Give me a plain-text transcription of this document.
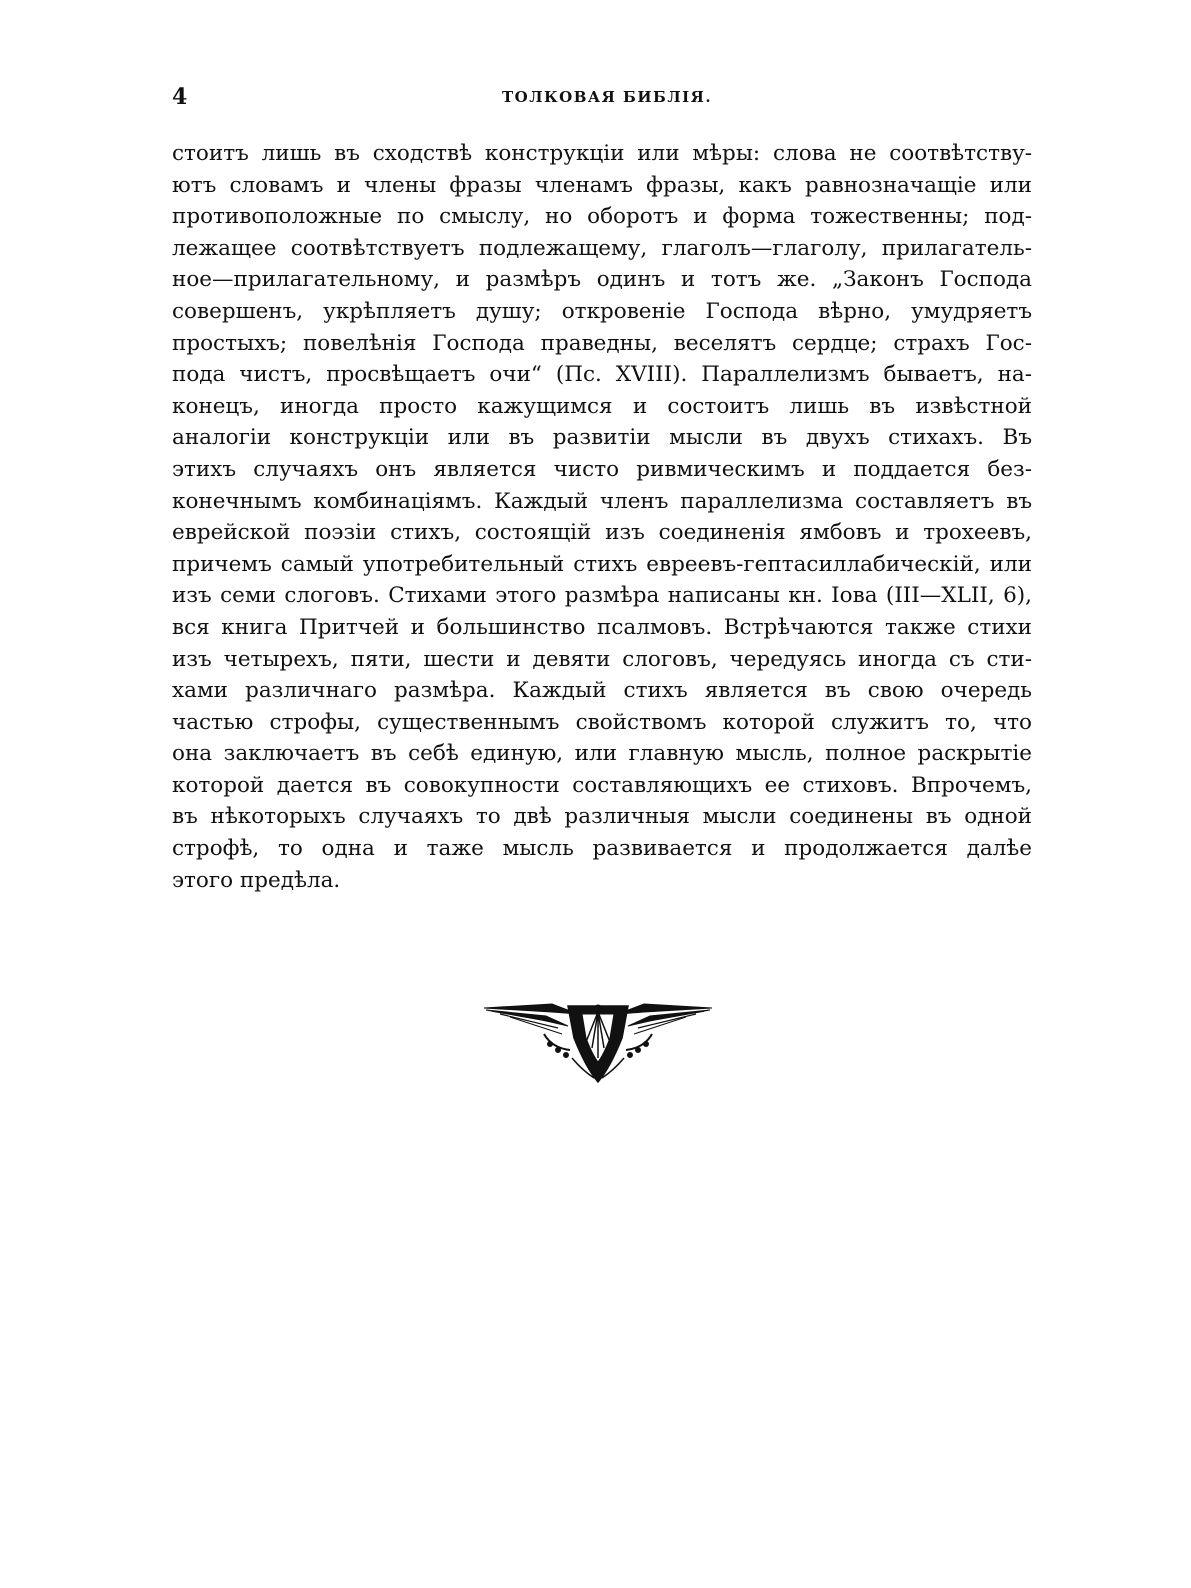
4	ТОЛКОВАЯ БИБЛІЯ.
стоитъ лишь въ сходствѣ конструкціи или мѣры: слова не соотвѣтству-
ютъ словамъ и члены фразы членамъ фразы, какъ равнозначащіе или
противоположные по смыслу, но оборотъ и форма тожественны; под-
лежащее соотвѣтствуетъ подлежащему, глаголъ—глаголу, прилагатель-
ное—прилагательному, и размѣръ одинъ и тотъ же. „Законъ Господа
совершенъ, укрѣпляетъ душу; откровеніе Господа вѣрно, умудряетъ
простыхъ; повелѣнія Господа праведны, веселятъ сердце; страхъ Гос-
пода чистъ, просвѣщаетъ очи“ (Пс. XVIII). Параллелизмъ бываетъ, на-
конецъ, иногда просто кажущимся и состоитъ лишь въ извѣстной
аналогіи конструкціи или въ развитіи мысли въ двухъ стихахъ. Въ
этихъ случаяхъ онъ является чисто ривмическимъ и поддается без-
конечнымъ комбинаціямъ. Каждый членъ параллелизма составляетъ въ
еврейской поэзіи стихъ, состоящій изъ соединенія ямбовъ и трохеевъ,
причемъ самый употребительный стихъ евреевъ-гептасиллабическій, или
изъ семи слоговъ. Стихами этого размѣра написаны кн. Іова (III—XLII, 6),
вся книга Притчей и большинство псалмовъ. Встрѣчаются также стихи
изъ четырехъ, пяти, шести и девяти слоговъ, чередуясь иногда съ сти-
хами различнаго размѣра. Каждый стихъ является въ свою очередь
частью строфы, существеннымъ свойствомъ которой служитъ то, что
она заключаетъ въ себѣ единую, или главную мысль, полное раскрытіе
которой дается въ совокупности составляющихъ ее стиховъ. Впрочемъ,
въ нѣкоторыхъ случаяхъ то двѣ различныя мысли соединены въ одной
строфѣ, то одна и таже мысль развивается и продолжается далѣе
этого предѣла.
